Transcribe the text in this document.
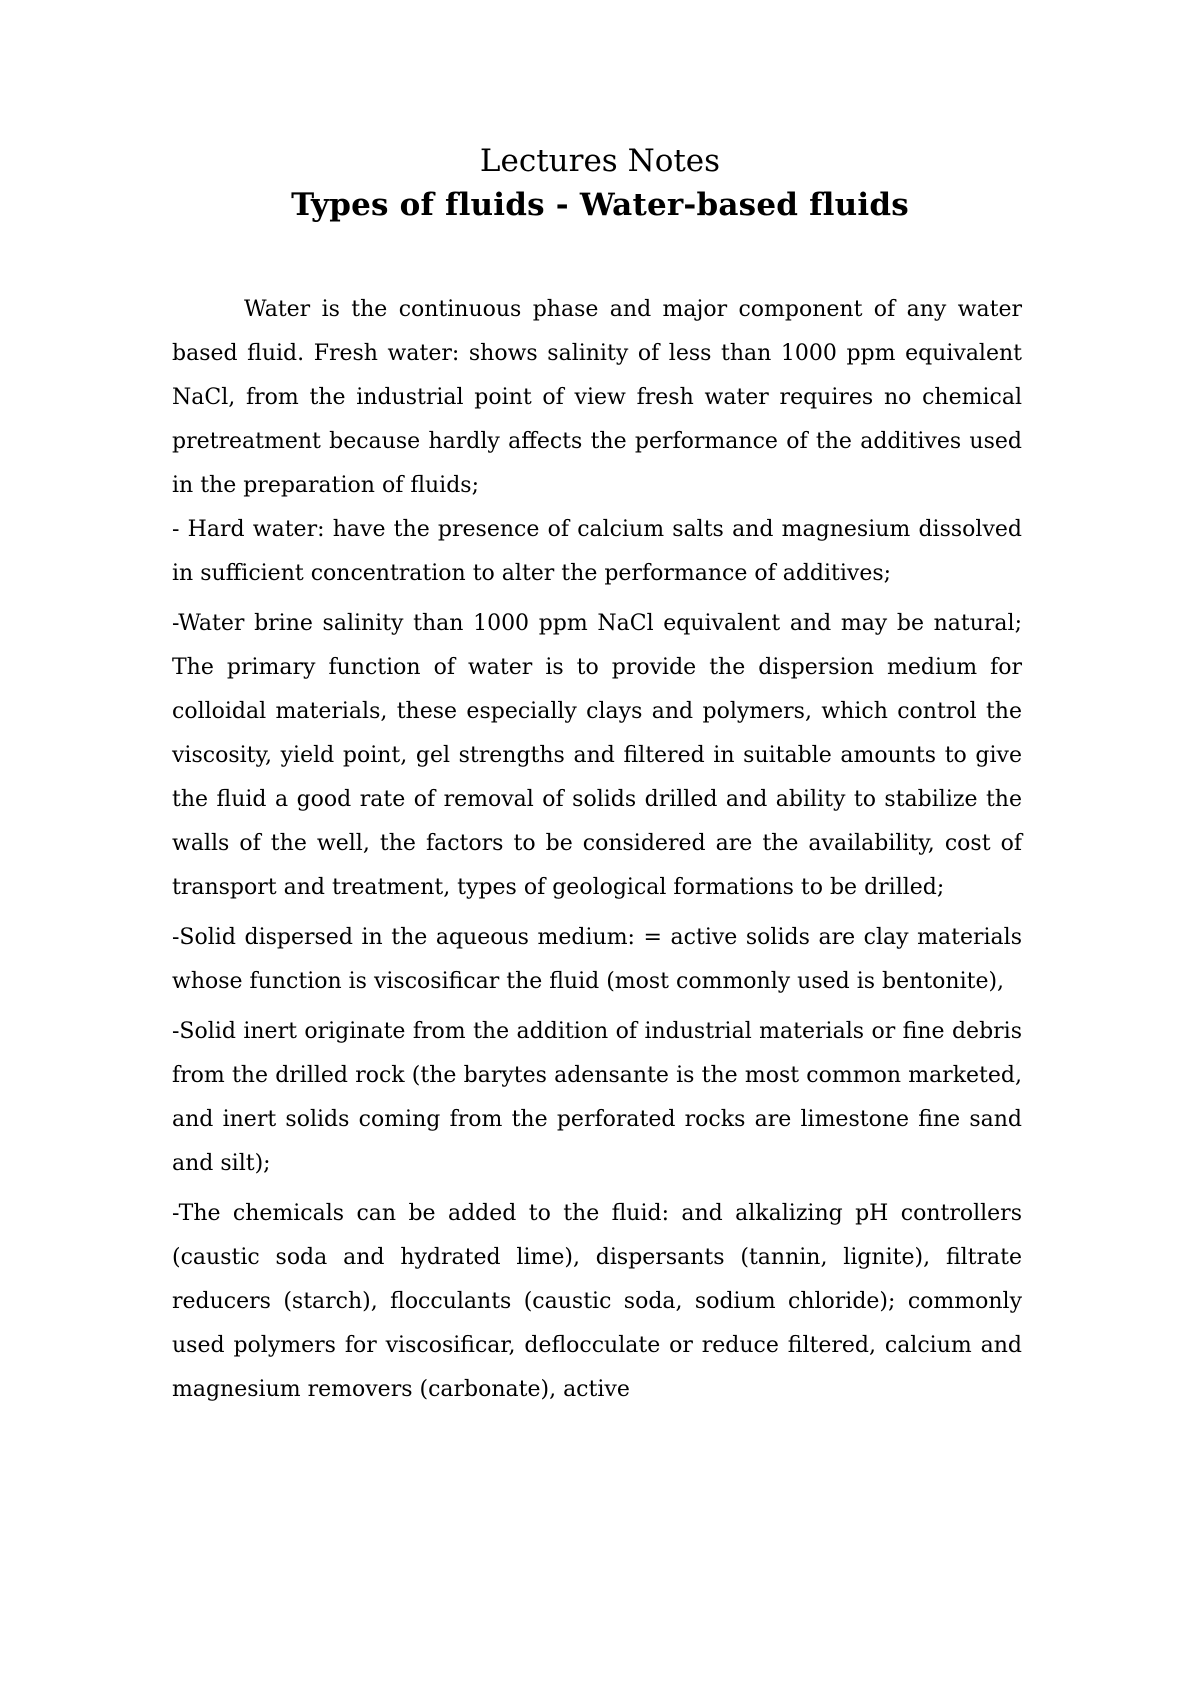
Lectures Notes
Types of fluids - Water-based fluids

Water is the continuous phase and major component of any water based fluid. Fresh water: shows salinity of less than 1000 ppm equivalent NaCl, from the industrial point of view fresh water requires no chemical pretreatment because hardly affects the performance of the additives used in the preparation of fluids;

- Hard water: have the presence of calcium salts and magnesium dissolved in sufficient concentration to alter the performance of additives;

-Water brine salinity than 1000 ppm NaCl equivalent and may be natural; The primary function of water is to provide the dispersion medium for colloidal materials, these especially clays and polymers, which control the viscosity, yield point, gel strengths and filtered in suitable amounts to give the fluid a good rate of removal of solids drilled and ability to stabilize the walls of the well, the factors to be considered are the availability, cost of transport and treatment, types of geological formations to be drilled;

-Solid dispersed in the aqueous medium: = active solids are clay materials whose function is viscosificar the fluid (most commonly used is bentonite),

-Solid inert originate from the addition of industrial materials or fine debris from the drilled rock (the barytes adensante is the most common marketed, and inert solids coming from the perforated rocks are limestone fine sand and silt);

-The chemicals can be added to the fluid: and alkalizing pH controllers (caustic soda and hydrated lime), dispersants (tannin, lignite), filtrate reducers (starch), flocculants (caustic soda, sodium chloride); commonly used polymers for viscosificar, deflocculate or reduce filtered, calcium and magnesium removers (carbonate), active
